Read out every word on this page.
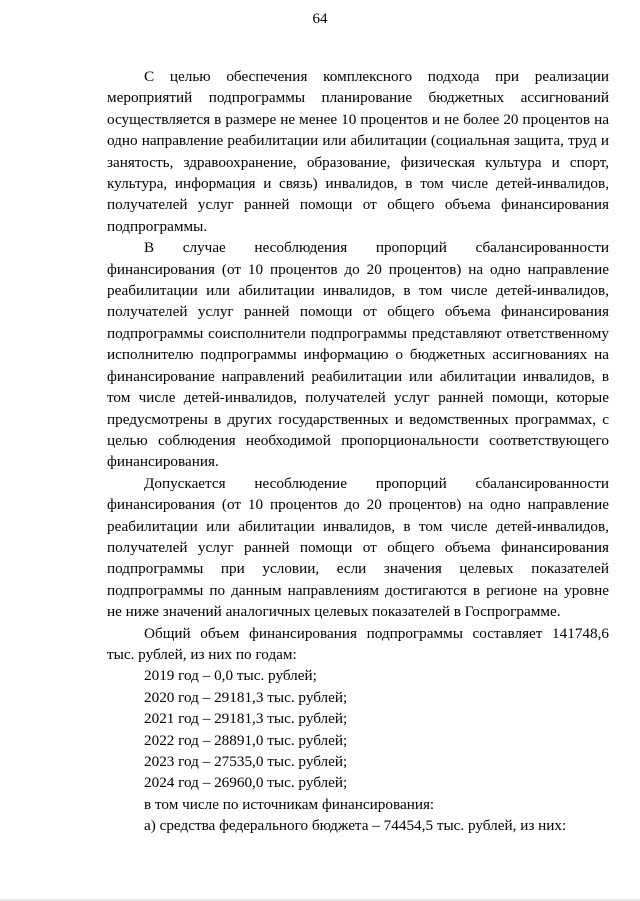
64

С целью обеспечения комплексного подхода при реализации мероприятий подпрограммы планирование бюджетных ассигнований осуществляется в размере не менее 10 процентов и не более 20 процентов на одно направление реабилитации или абилитации (социальная защита, труд и занятость, здравоохранение, образование, физическая культура и спорт, культура, информация и связь) инвалидов, в том числе детей-инвалидов, получателей услуг ранней помощи от общего объема финансирования подпрограммы.

В случае несоблюдения пропорций сбалансированности финансирования (от 10 процентов до 20 процентов) на одно направление реабилитации или абилитации инвалидов, в том числе детей-инвалидов, получателей услуг ранней помощи от общего объема финансирования подпрограммы соисполнители подпрограммы представляют ответственному исполнителю подпрограммы информацию о бюджетных ассигнованиях на финансирование направлений реабилитации или абилитации инвалидов, в том числе детей-инвалидов, получателей услуг ранней помощи, которые предусмотрены в других государственных и ведомственных программах, с целью соблюдения необходимой пропорциональности соответствующего финансирования.

Допускается несоблюдение пропорций сбалансированности финансирования (от 10 процентов до 20 процентов) на одно направление реабилитации или абилитации инвалидов, в том числе детей-инвалидов, получателей услуг ранней помощи от общего объема финансирования подпрограммы при условии, если значения целевых показателей подпрограммы по данным направлениям достигаются в регионе на уровне не ниже значений аналогичных целевых показателей в Госпрограмме.

Общий объем финансирования подпрограммы составляет 141748,6 тыс. рублей, из них по годам:

2019 год – 0,0 тыс. рублей;
2020 год – 29181,3 тыс. рублей;
2021 год – 29181,3 тыс. рублей;
2022 год – 28891,0 тыс. рублей;
2023 год – 27535,0 тыс. рублей;
2024 год – 26960,0 тыс. рублей;

в том числе по источникам финансирования:

а) средства федерального бюджета – 74454,5 тыс. рублей, из них:
